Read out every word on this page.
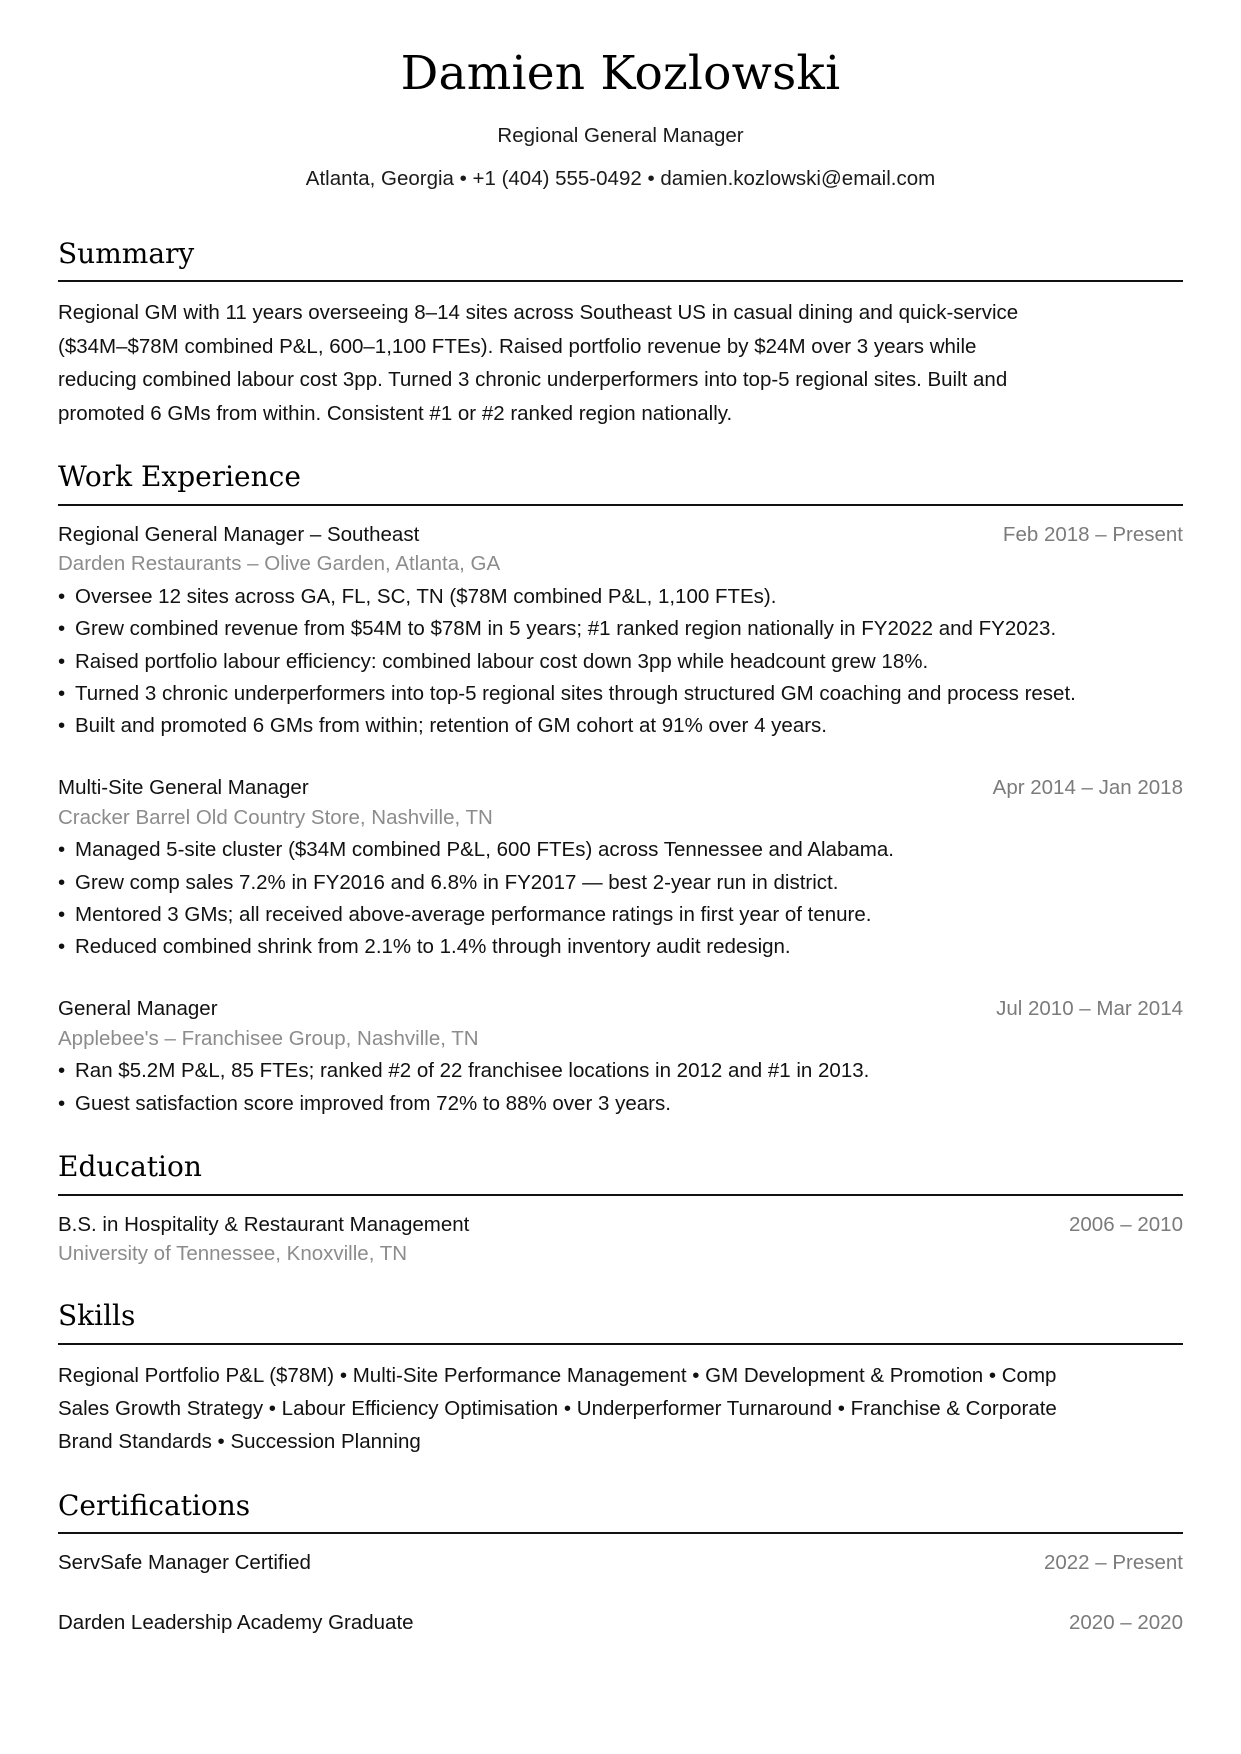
Damien Kozlowski
Regional General Manager
Atlanta, Georgia • +1 (404) 555-0492 • damien.kozlowski@email.com
Summary

Regional GM with 11 years overseeing 8–14 sites across Southeast US in casual dining and quick-service ($34M–$78M combined P&L, 600–1,100 FTEs). Raised portfolio revenue by $24M over 3 years while reducing combined labour cost 3pp. Turned 3 chronic underperformers into top-5 regional sites. Built and promoted 6 GMs from within. Consistent #1 or #2 ranked region nationally.

Work Experience
Regional General Manager – Southeast	Feb 2018 – Present
Darden Restaurants – Olive Garden, Atlanta, GA
• Oversee 12 sites across GA, FL, SC, TN ($78M combined P&L, 1,100 FTEs).
• Grew combined revenue from $54M to $78M in 5 years; #1 ranked region nationally in FY2022 and FY2023.
• Raised portfolio labour efficiency: combined labour cost down 3pp while headcount grew 18%.
• Turned 3 chronic underperformers into top-5 regional sites through structured GM coaching and process reset.
• Built and promoted 6 GMs from within; retention of GM cohort at 91% over 4 years.
Multi-Site General Manager	Apr 2014 – Jan 2018
Cracker Barrel Old Country Store, Nashville, TN
• Managed 5-site cluster ($34M combined P&L, 600 FTEs) across Tennessee and Alabama.
• Grew comp sales 7.2% in FY2016 and 6.8% in FY2017 — best 2-year run in district.
• Mentored 3 GMs; all received above-average performance ratings in first year of tenure.
• Reduced combined shrink from 2.1% to 1.4% through inventory audit redesign.
General Manager	Jul 2010 – Mar 2014
Applebee's – Franchisee Group, Nashville, TN
• Ran $5.2M P&L, 85 FTEs; ranked #2 of 22 franchisee locations in 2012 and #1 in 2013.
• Guest satisfaction score improved from 72% to 88% over 3 years.
Education
B.S. in Hospitality & Restaurant Management	2006 – 2010
University of Tennessee, Knoxville, TN
Skills

Regional Portfolio P&L ($78M) • Multi-Site Performance Management • GM Development & Promotion • Comp Sales Growth Strategy • Labour Efficiency Optimisation • Underperformer Turnaround • Franchise & Corporate Brand Standards • Succession Planning

Certifications
ServSafe Manager Certified	2022 – Present
Darden Leadership Academy Graduate	2020 – 2020
